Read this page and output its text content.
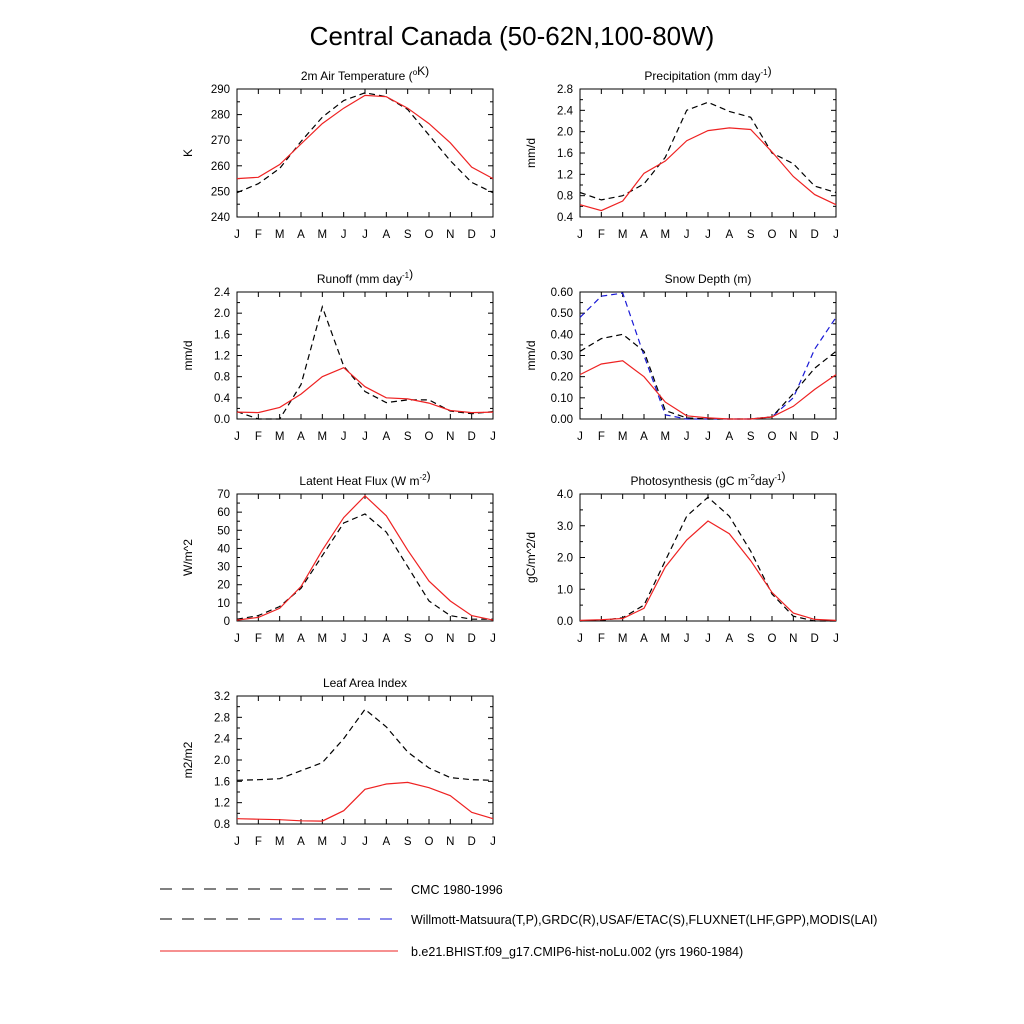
Central Canada (50-62N,100-80W)
2m Air Temperature ($^o$K)
J F M A M J J A S O N D J
240
250
260
270
280
290
K
Precipitation (mm day$^{-1}$)
J F M A M J J A S O N D J
0.4
0.8
1.2
1.6
2.0
2.4
2.8
mm/d
Runoff (mm day$^{-1}$)
J F M A M J J A S O N D J
0.0
0.4
0.8
1.2
1.6
2.0
2.4
mm/d
Snow Depth (m)
J F M A M J J A S O N D J
0.00
0.10
0.20
0.30
0.40
0.50
0.60
mm/d
Latent Heat Flux (W $m^{-2}$)
J F M A M J J A S O N D J
0
10
20
30
40
50
60
70
W/m^2
Photosynthesis (gC $m^{-2}day^{-1}$)
J F M A M J J A S O N D J
0.0
1.0
2.0
3.0
4.0
gC/m^2/d
Leaf Area Index
J F M A M J J A S O N D J
0.8
1.2
1.6
2.0
2.4
2.8
3.2
m2/m2
CMC 1980-1996
Willmott-Matsuura(T,P),GRDC(R),USAF/ETAC(S),FLUXNET(LHF,GPP),MODIS(LAI)
b.e21.BHIST.f09_g17.CMIP6-hist-noLu.002 (yrs 1960-1984)
